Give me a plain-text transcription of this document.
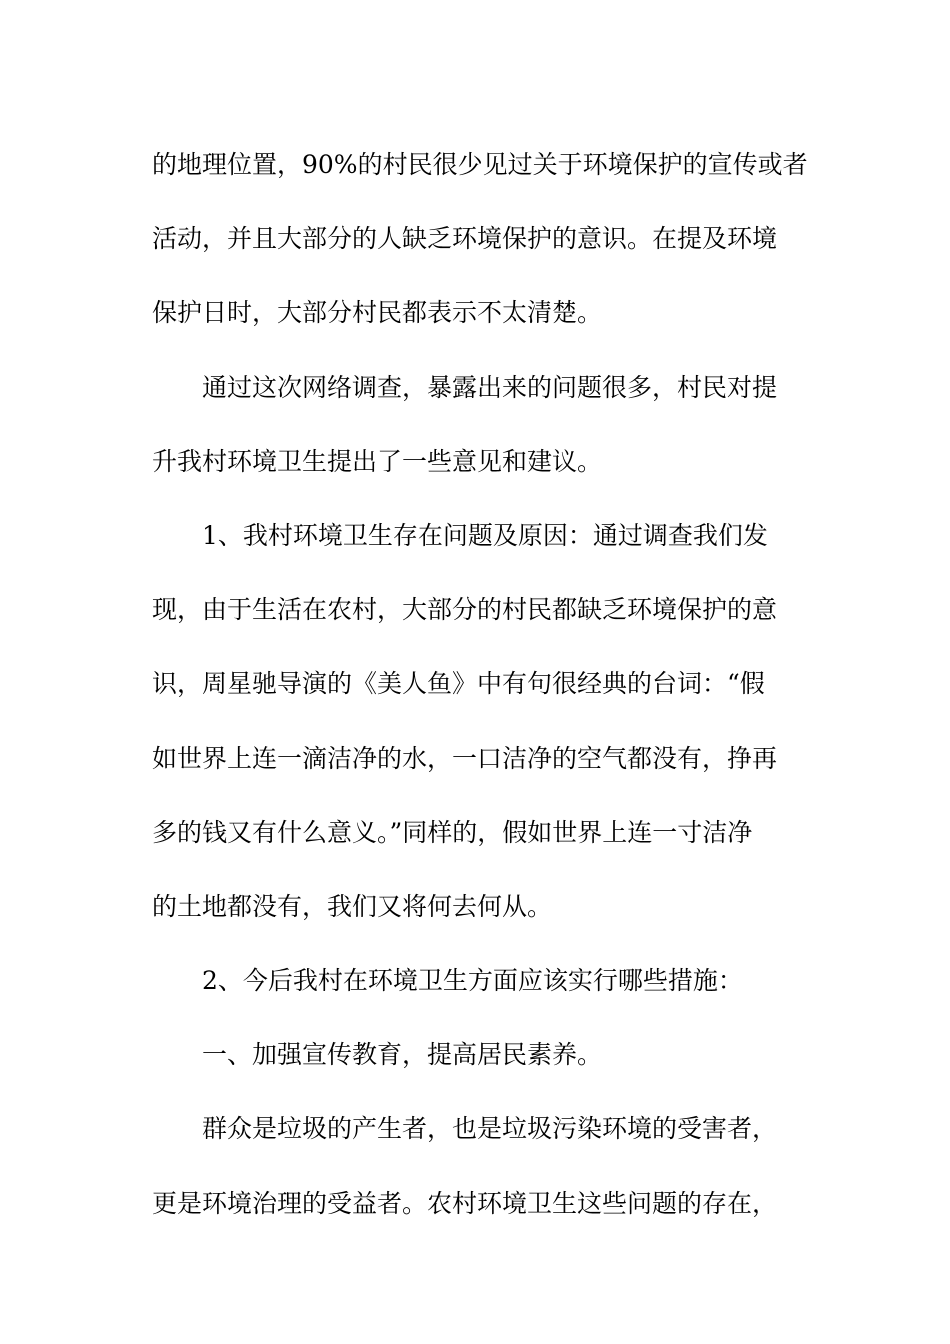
的地理位置，90%的村民很少见过关于环境保护的宣传或者
活动，并且大部分的人缺乏环境保护的意识。在提及环境
保护日时，大部分村民都表示不太清楚。
通过这次网络调查，暴露出来的问题很多，村民对提
升我村环境卫生提出了一些意见和建议。
1、我村环境卫生存在问题及原因：通过调查我们发
现，由于生活在农村，大部分的村民都缺乏环境保护的意
识，周星驰导演的《美人鱼》中有句很经典的台词：“假
如世界上连一滴洁净的水，一口洁净的空气都没有，挣再
多的钱又有什么意义。”同样的，假如世界上连一寸洁净
的土地都没有，我们又将何去何从。
2、今后我村在环境卫生方面应该实行哪些措施：
一、加强宣传教育，提高居民素养。
群众是垃圾的产生者，也是垃圾污染环境的受害者，
更是环境治理的受益者。农村环境卫生这些问题的存在，
